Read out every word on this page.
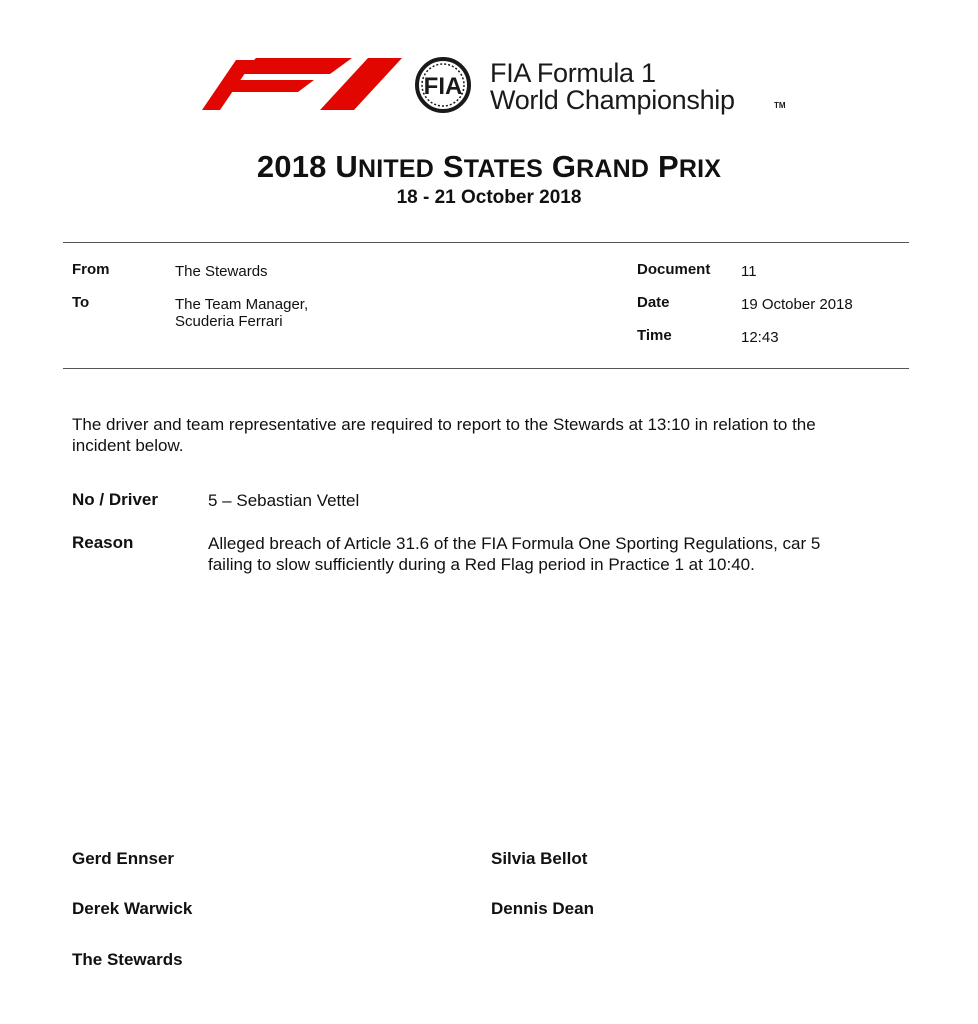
FIA FIA Formula 1
World Championship	TM
2018 UNITED STATES GRAND PRIX
18 - 21 October 2018
From	The Stewards
To	The Team Manager,
Scuderia Ferrari
Document 11
Date	19 October 2018
Time	12:43
The driver and team representative are required to report to the Stewards at 13:10 in relation to the
incident below.
No / Driver	5 – Sebastian Vettel
Reason	Alleged breach of Article 31.6 of the FIA Formula One Sporting Regulations, car 5
failing to slow sufficiently during a Red Flag period in Practice 1 at 10:40.
Gerd Ennser	Silvia Bellot
Derek Warwick	Dennis Dean
The Stewards
